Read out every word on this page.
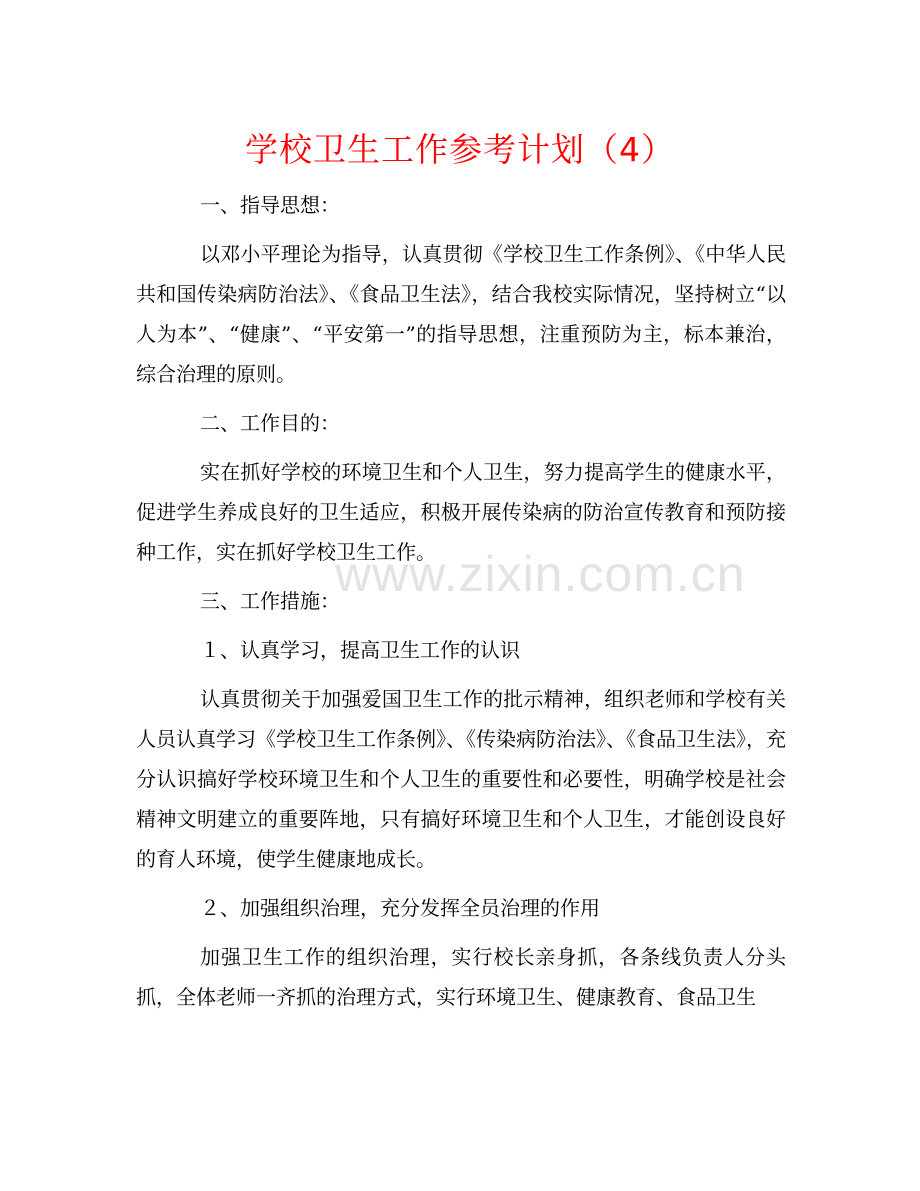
www.zixin.com.cn
学校卫生工作参考计划（4）

一、指导思想：

以邓小平理论为指导，认真贯彻《学校卫生工作条例》、《中华人民共和国传染病防治法》、《食品卫生法》，结合我校实际情况，坚持树立“以人为本”、“健康”、“平安第一”的指导思想，注重预防为主，标本兼治，综合治理的原则。

二、工作目的：

实在抓好学校的环境卫生和个人卫生，努力提高学生的健康水平，促进学生养成良好的卫生适应，积极开展传染病的防治宣传教育和预防接种工作，实在抓好学校卫生工作。

三、工作措施：

１、认真学习，提高卫生工作的认识

认真贯彻关于加强爱国卫生工作的批示精神，组织老师和学校有关人员认真学习《学校卫生工作条例》、《传染病防治法》、《食品卫生法》，充分认识搞好学校环境卫生和个人卫生的重要性和必要性，明确学校是社会精神文明建立的重要阵地，只有搞好环境卫生和个人卫生，才能创设良好的育人环境，使学生健康地成长。

２、加强组织治理，充分发挥全员治理的作用

加强卫生工作的组织治理，实行校长亲身抓，各条线负责人分头抓，全体老师一齐抓的治理方式，实行环境卫生、健康教育、食品卫生
